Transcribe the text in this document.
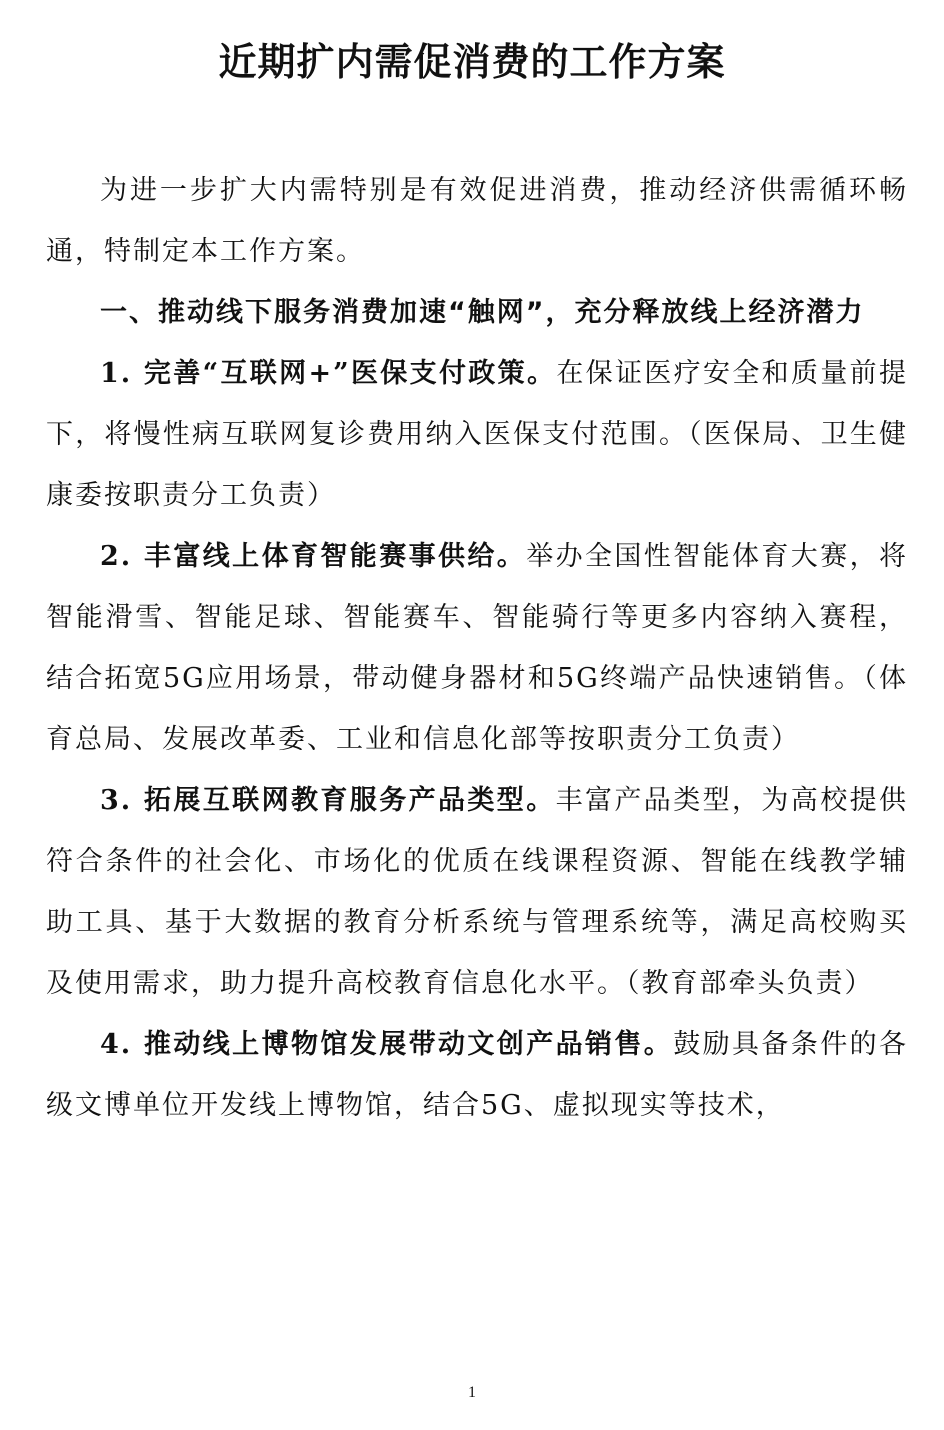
近期扩内需促消费的工作方案

为进一步扩大内需特别是有效促进消费，推动经济供需循环畅通，特制定本工作方案。

一、推动线下服务消费加速“触网”，充分释放线上经济潜力

1. 完善“互联网+”医保支付政策。在保证医疗安全和质量前提下，将慢性病互联网复诊费用纳入医保支付范围。（医保局、卫生健康委按职责分工负责）

2. 丰富线上体育智能赛事供给。举办全国性智能体育大赛，将智能滑雪、智能足球、智能赛车、智能骑行等更多内容纳入赛程，结合拓宽5G应用场景，带动健身器材和5G终端产品快速销售。（体育总局、发展改革委、工业和信息化部等按职责分工负责）

3. 拓展互联网教育服务产品类型。丰富产品类型，为高校提供符合条件的社会化、市场化的优质在线课程资源、智能在线教学辅助工具、基于大数据的教育分析系统与管理系统等，满足高校购买及使用需求，助力提升高校教育信息化水平。（教育部牵头负责）

4. 推动线上博物馆发展带动文创产品销售。鼓励具备条件的各级文博单位开发线上博物馆，结合5G、虚拟现实等技术，

1
